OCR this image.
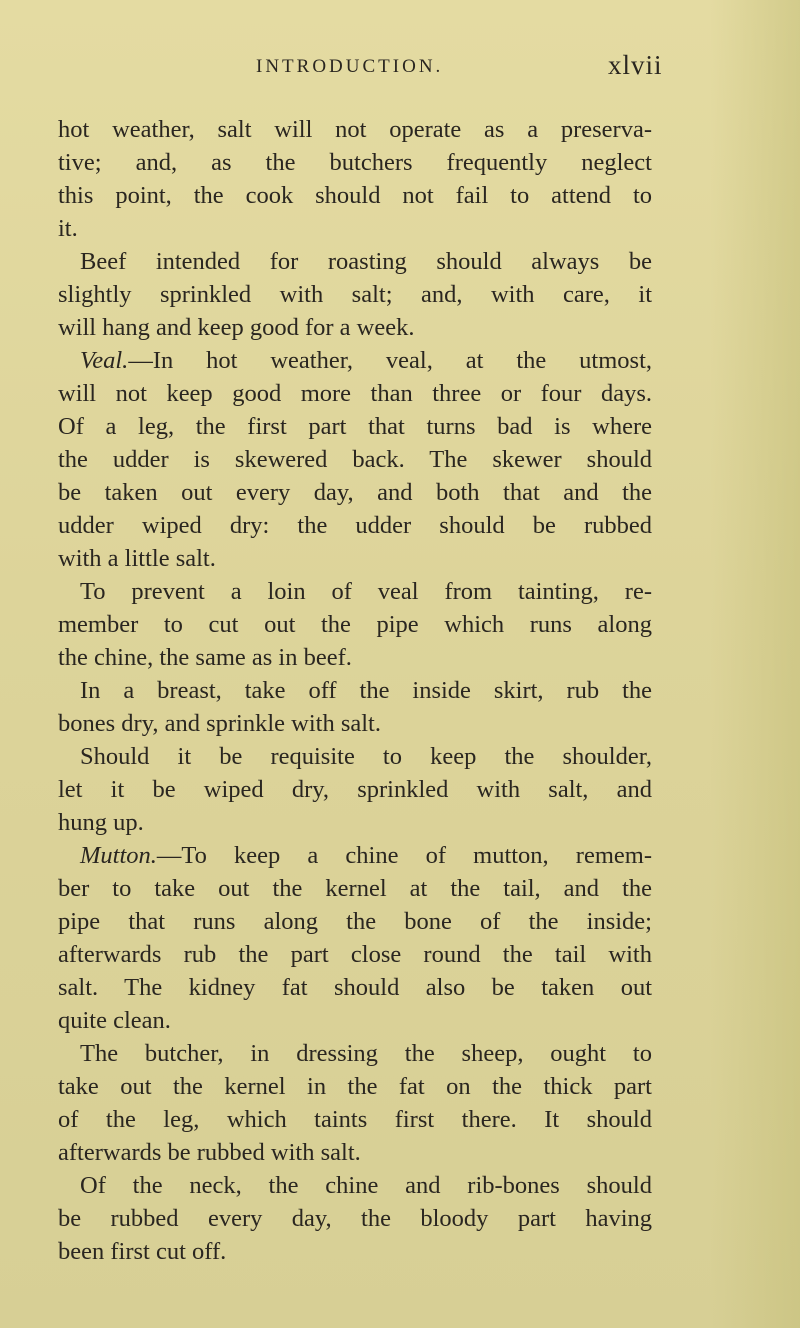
INTRODUCTION.	xlvii
hot weather, salt will not operate as a preserva-
tive; and, as the butchers frequently neglect
this point, the cook should not fail to attend to
it.
Beef intended for roasting should always be
slightly sprinkled with salt; and, with care, it
will hang and keep good for a week.
Veal.—In hot weather, veal, at the utmost,
will not keep good more than three or four days.
Of a leg, the first part that turns bad is where
the udder is skewered back. The skewer should
be taken out every day, and both that and the
udder wiped dry: the udder should be rubbed
with a little salt.
To prevent a loin of veal from tainting, re-
member to cut out the pipe which runs along
the chine, the same as in beef.
In a breast, take off the inside skirt, rub the
bones dry, and sprinkle with salt.
Should it be requisite to keep the shoulder,
let it be wiped dry, sprinkled with salt, and
hung up.
Mutton.—To keep a chine of mutton, remem-
ber to take out the kernel at the tail, and the
pipe that runs along the bone of the inside;
afterwards rub the part close round the tail with
salt. The kidney fat should also be taken out
quite clean.
The butcher, in dressing the sheep, ought to
take out the kernel in the fat on the thick part
of the leg, which taints first there. It should
afterwards be rubbed with salt.
Of the neck, the chine and rib-bones should
be rubbed every day, the bloody part having
been first cut off.
